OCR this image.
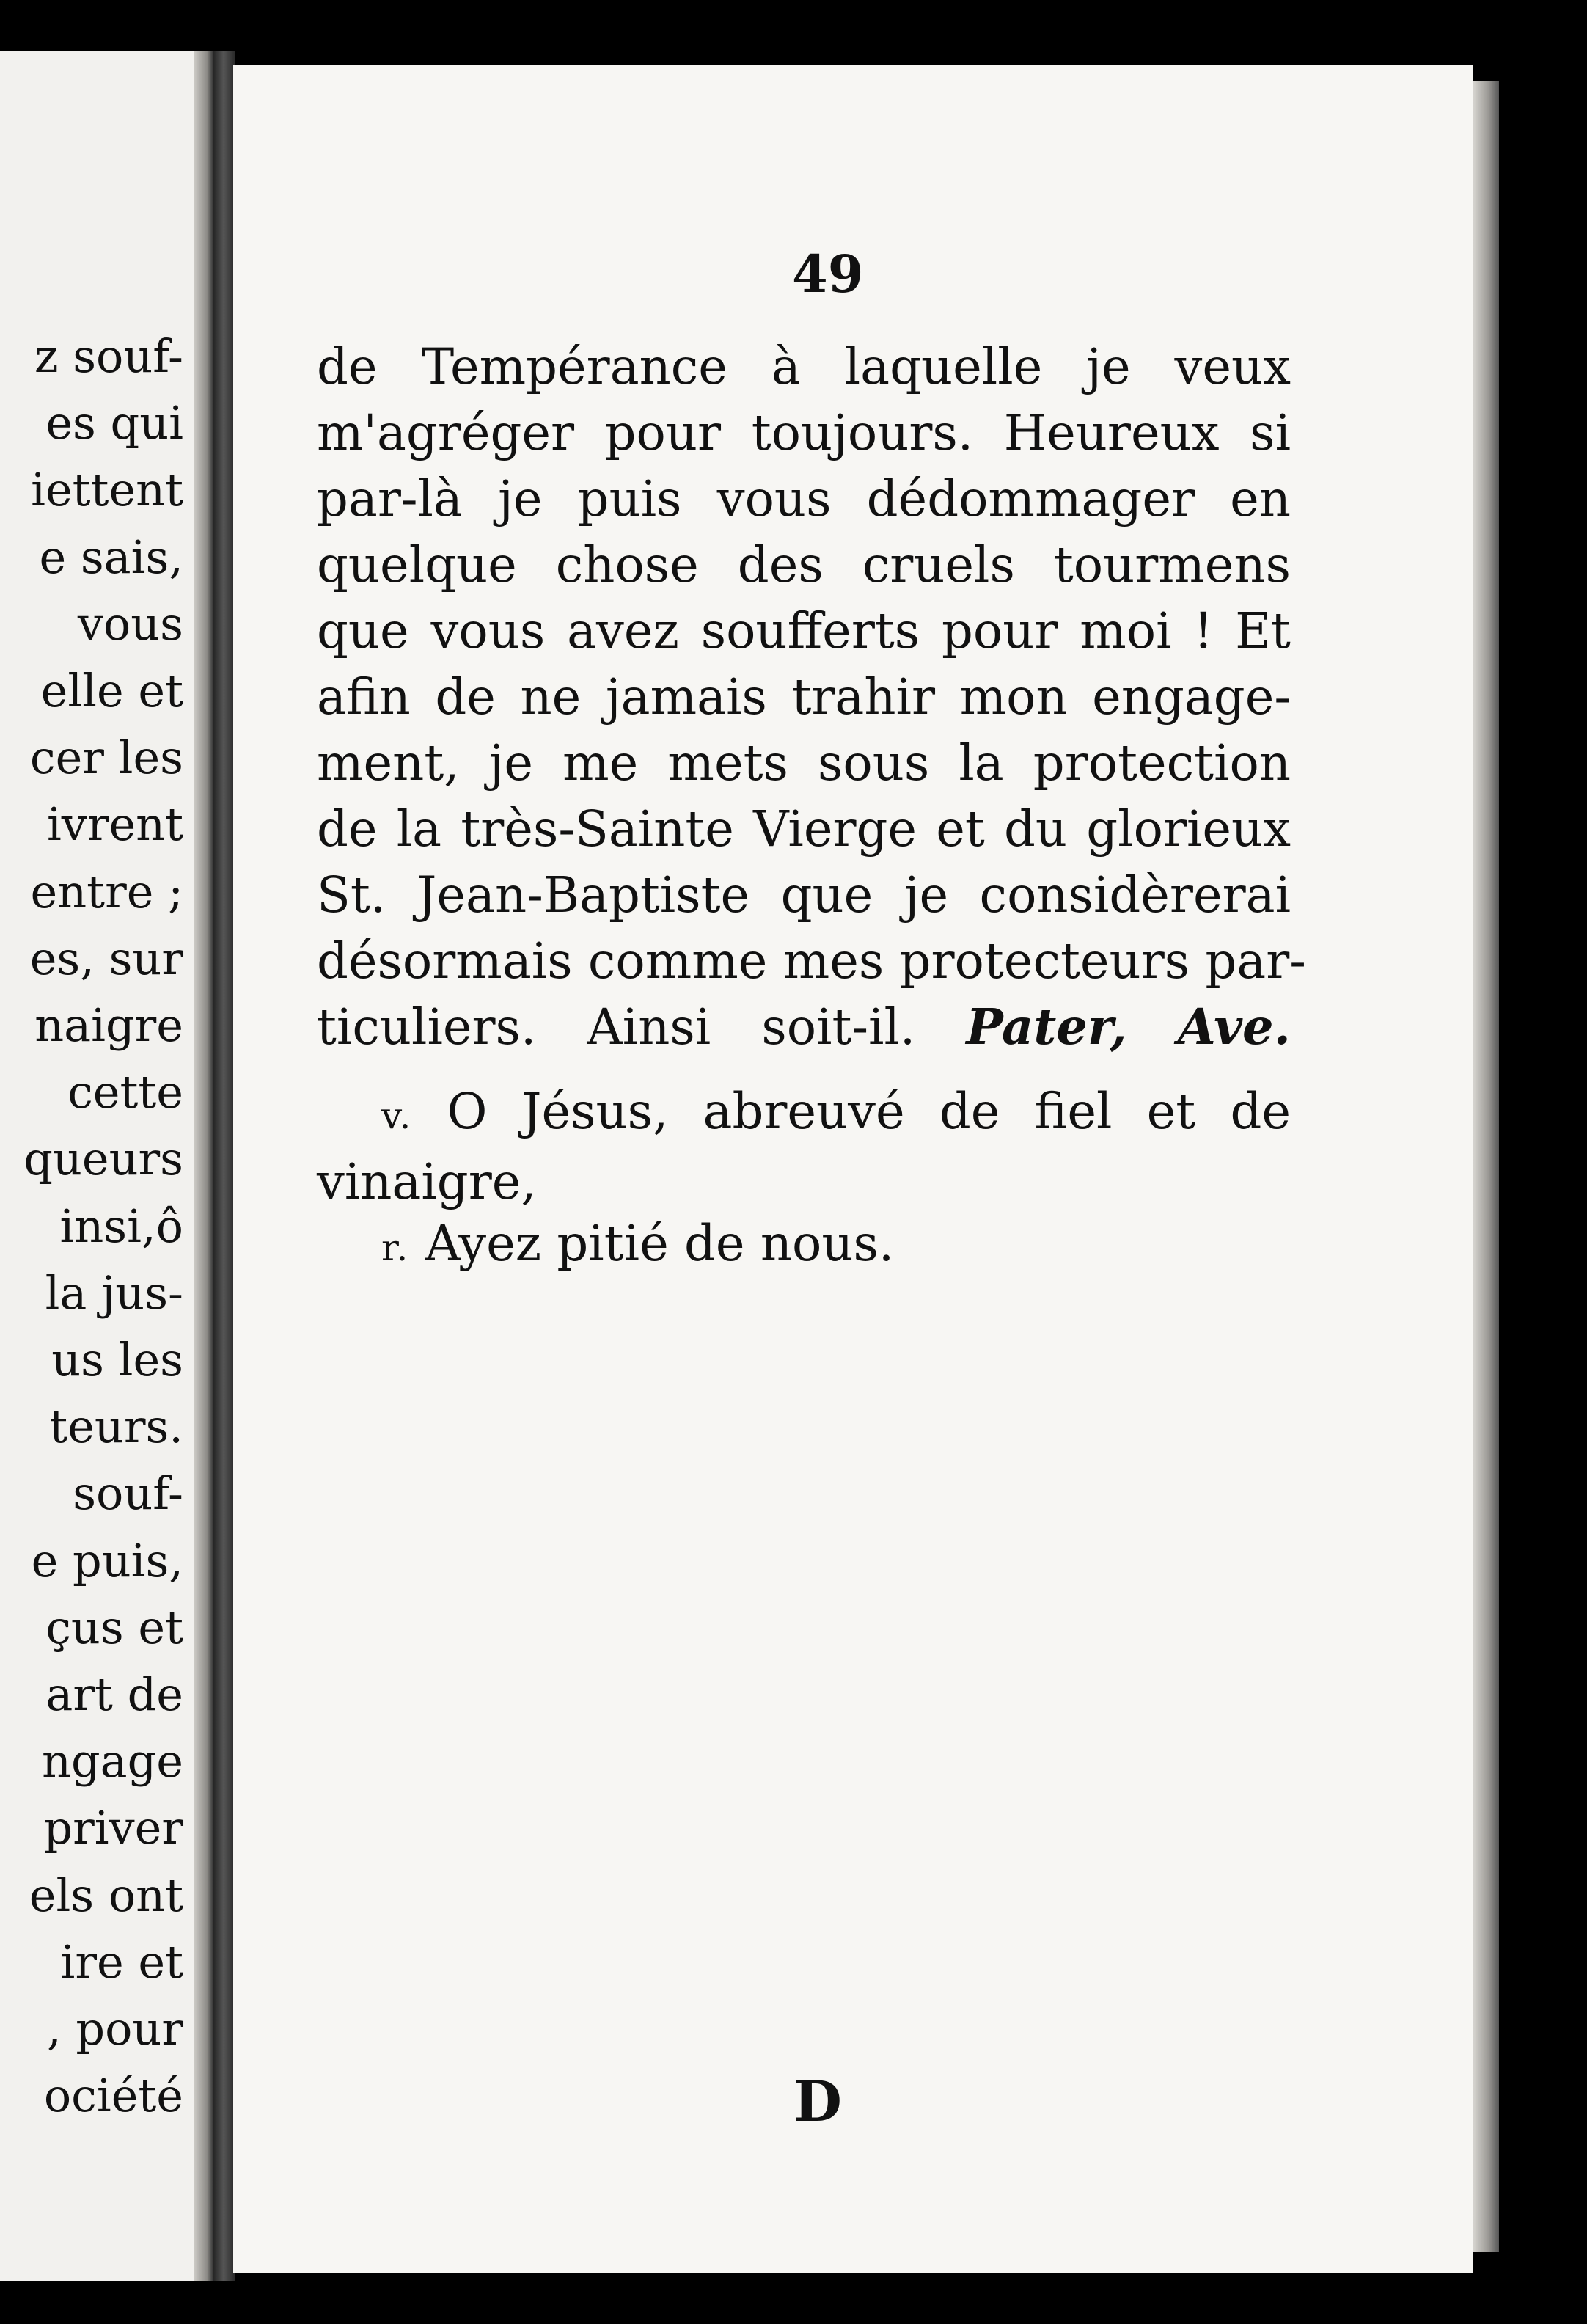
z souf-
es qui
iettent
e sais,
vous
elle et
cer les
ivrent
entre ;
es, sur
naigre
cette
queurs
insi,ô
la jus-
us les
teurs.
souf-
e puis,
çus et
art de
ngage
priver
els ont
ire et
, pour
ociété
49
de Tempérance à laquelle je veux
m'agréger pour toujours. Heureux si
par-là je puis vous dédommager en
quelque chose des cruels tourmens
que vous avez soufferts pour moi ! Et
afin de ne jamais trahir mon engage-
ment, je me mets sous la protection
de la très-Sainte Vierge et du glorieux
St. Jean-Baptiste que je considèrerai
désormais comme mes protecteurs par-
ticuliers. Ainsi soit-il. Pater, Ave.
v. O Jésus, abreuvé de fiel et de
vinaigre,
r. Ayez pitié de nous.
D
